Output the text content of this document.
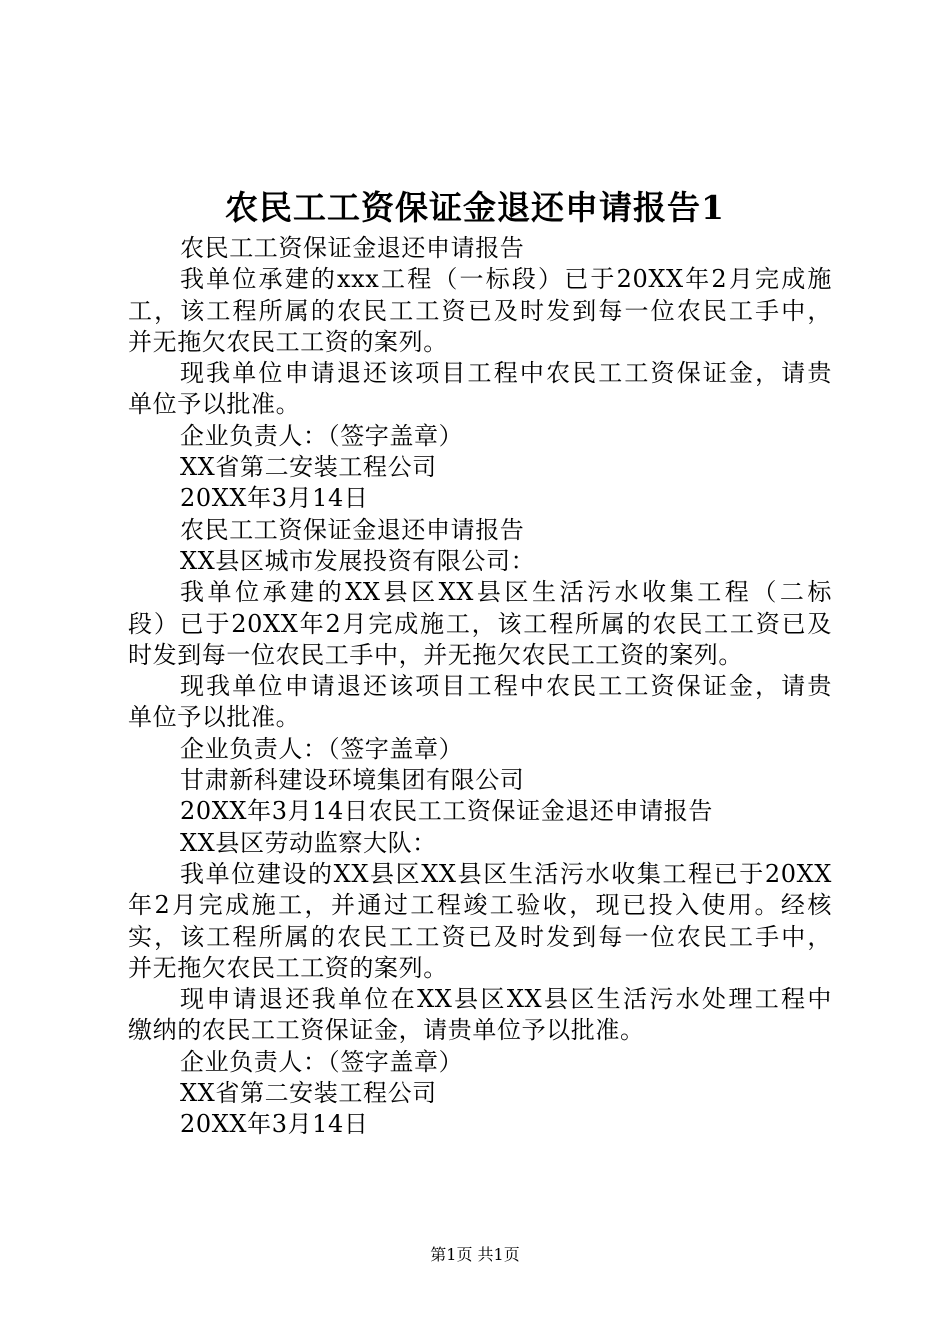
农民工工资保证金退还申请报告1
农民工工资保证金退还申请报告
我单位承建的xxx工程（一标段）已于20XX年2月完成施
工，该工程所属的农民工工资已及时发到每一位农民工手中，
并无拖欠农民工工资的案列。
现我单位申请退还该项目工程中农民工工资保证金，请贵
单位予以批准。
企业负责人：（签字盖章）
XX省第二安装工程公司
20XX年3月14日
农民工工资保证金退还申请报告
XX县区城市发展投资有限公司：
我单位承建的XX县区XX县区生活污水收集工程（二标
段）已于20XX年2月完成施工，该工程所属的农民工工资已及
时发到每一位农民工手中，并无拖欠农民工工资的案列。
现我单位申请退还该项目工程中农民工工资保证金，请贵
单位予以批准。
企业负责人：（签字盖章）
甘肃新科建设环境集团有限公司
20XX年3月14日农民工工资保证金退还申请报告
XX县区劳动监察大队：
我单位建设的XX县区XX县区生活污水收集工程已于20XX
年2月完成施工，并通过工程竣工验收，现已投入使用。经核
实，该工程所属的农民工工资已及时发到每一位农民工手中，
并无拖欠农民工工资的案列。
现申请退还我单位在XX县区XX县区生活污水处理工程中
缴纳的农民工工资保证金，请贵单位予以批准。
企业负责人：（签字盖章）
XX省第二安装工程公司
20XX年3月14日
第1页 共1页
